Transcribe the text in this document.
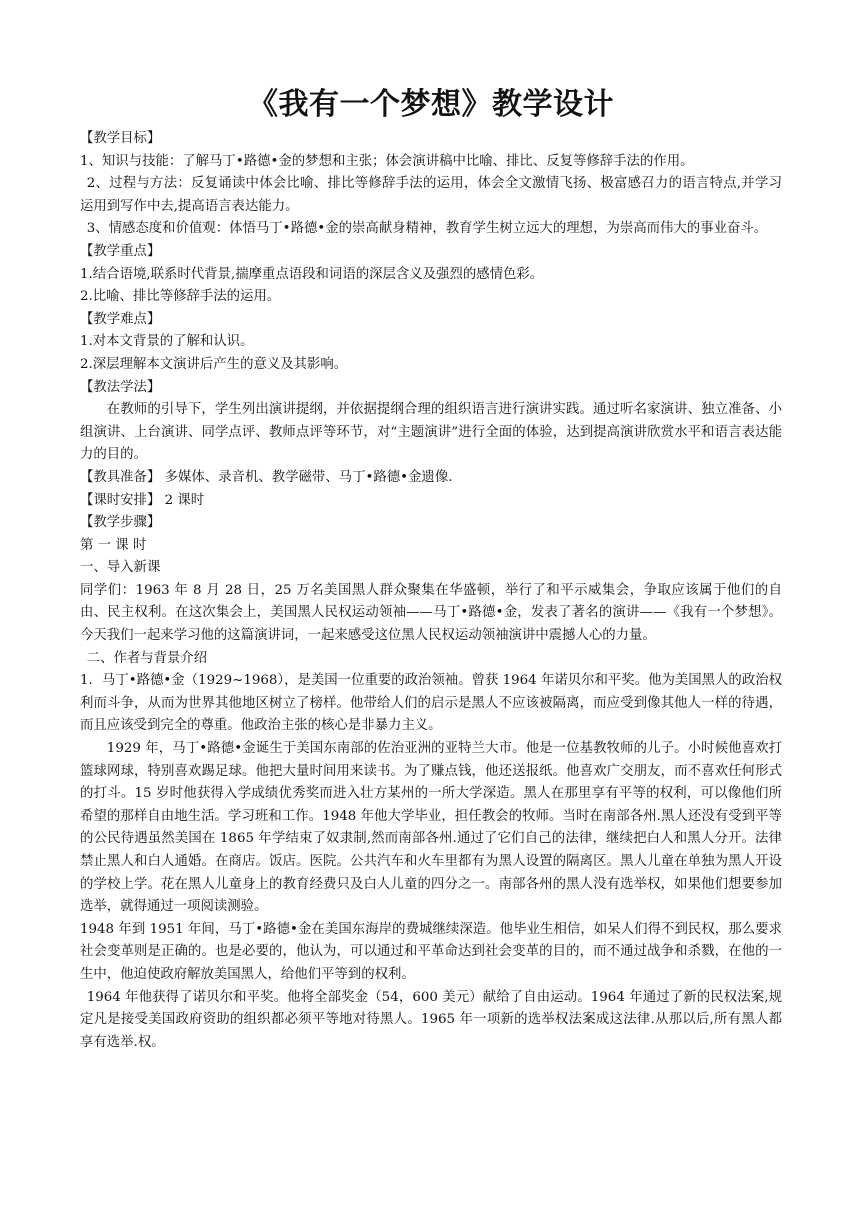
《我有一个梦想》教学设计

【教学目标】

1、知识与技能：了解马丁•路德•金的梦想和主张；体会演讲稿中比喻、排比、反复等修辞手法的作用。

2、过程与方法：反复诵读中体会比喻、排比等修辞手法的运用，体会全文激情飞扬、极富感召力的语言特点,并学习运用到写作中去,提高语言表达能力。

3、情感态度和价值观：体悟马丁•路德•金的崇高献身精神，教育学生树立远大的理想，为崇高而伟大的事业奋斗。

【教学重点】

1.结合语境,联系时代背景,揣摩重点语段和词语的深层含义及强烈的感情色彩。

2.比喻、排比等修辞手法的运用。

【教学难点】

1.对本文背景的了解和认识。

2.深层理解本文演讲后产生的意义及其影响。

【教法学法】

在教师的引导下，学生列出演讲提纲，并依据提纲合理的组织语言进行演讲实践。通过听名家演讲、独立准备、小组演讲、上台演讲、同学点评、教师点评等环节，对“主题演讲”进行全面的体验，达到提高演讲欣赏水平和语言表达能力的目的。

【教具准备】 多媒体、录音机、教学磁带、马丁•路德•金遗像.

【课时安排】 2 课时

【教学步骤】

第 一 课 时

一、导入新课

同学们：1963 年 8 月 28 日，25 万名美国黑人群众聚集在华盛顿，举行了和平示威集会，争取应该属于他们的自由、民主权利。在这次集会上，美国黑人民权运动领袖——马丁•路德•金，发表了著名的演讲——《我有一个梦想》。今天我们一起来学习他的这篇演讲词，一起来感受这位黑人民权运动领袖演讲中震撼人心的力量。

二、作者与背景介绍

1．马丁•路德•金（1929~1968），是美国一位重要的政治领袖。曾获 1964 年诺贝尔和平奖。他为美国黑人的政治权利而斗争，从而为世界其他地区树立了榜样。他带给人们的启示是黑人不应该被隔离，而应受到像其他人一样的待遇，而且应该受到完全的尊重。他政治主张的核心是非暴力主义。

1929 年，马丁•路德•金诞生于美国东南部的佐治亚洲的亚特兰大市。他是一位基教牧师的儿子。小时候他喜欢打篮球网球，特别喜欢踢足球。他把大量时间用来读书。为了赚点钱，他还送报纸。他喜欢广交朋友，而不喜欢任何形式的打斗。15 岁时他获得入学成绩优秀奖而进入壮方某州的一所大学深造。黑人在那里享有平等的权利，可以像他们所希望的那样自由地生活。学习班和工作。1948 年他大学毕业，担任教会的牧师。当时在南部各州.黑人还没有受到平等的公民待遇虽然美国在 1865 年学结束了奴隶制,然而南部各州.通过了它们自己的法律，继续把白人和黑人分开。法律禁止黑人和白人通婚。在商店。饭店。医院。公共汽车和火车里都有为黑人设置的隔离区。黑人儿童在单独为黑人开设的学校上学。花在黑人儿童身上的教育经费只及白人儿童的四分之一。南部各州的黑人没有选举权，如果他们想要参加选举，就得通过一项阅读测验。

1948 年到 1951 年间，马丁•路德•金在美国东海岸的费城继续深造。他毕业生相信，如呆人们得不到民权，那么要求社会变革则是正确的。也是必要的，他认为，可以通过和平革命达到社会变革的目的，而不通过战争和杀戮，在他的一生中，他迫使政府解放美国黑人，给他们平等到的权利。

1964 年他获得了诺贝尔和平奖。他将全部奖金（54，600 美元）献给了自由运动。1964 年通过了新的民权法案,规定凡是接受美国政府资助的组织都必须平等地对待黑人。1965 年一项新的选举权法案成这法律.从那以后,所有黑人都享有选举.权。
